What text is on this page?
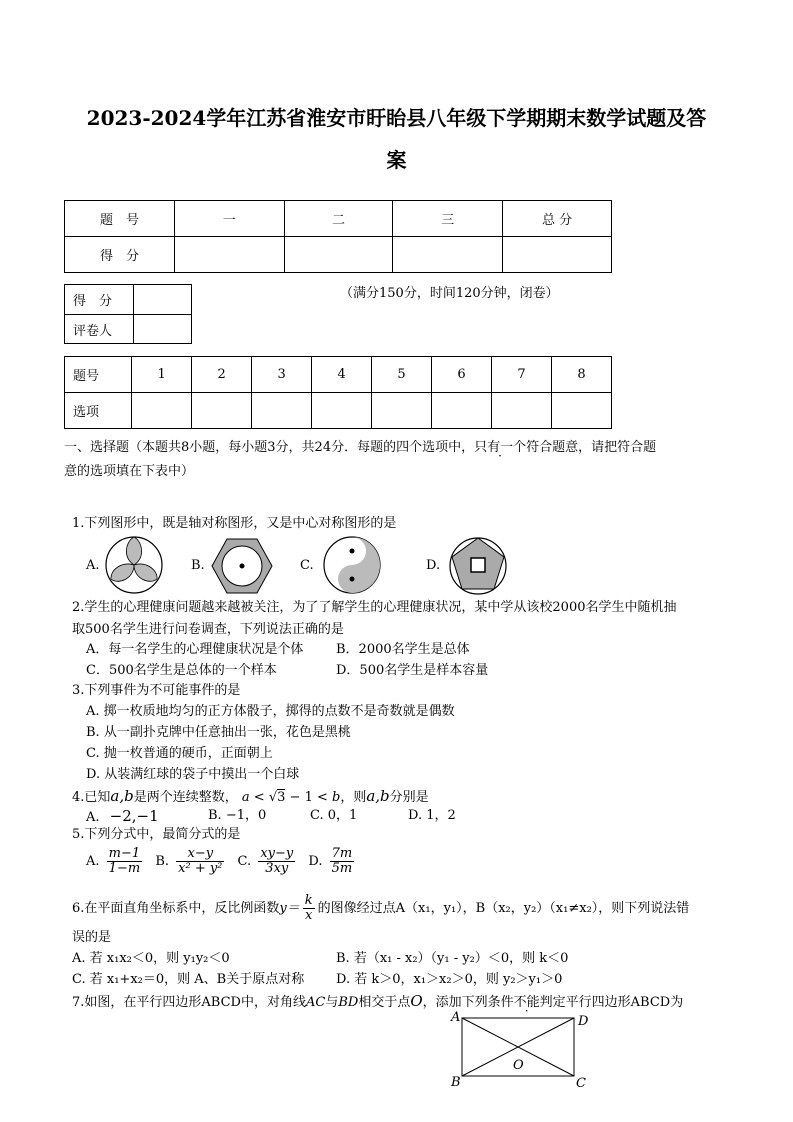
2023-2024学年江苏省淮安市盱眙县八年级下学期期末数学试题及答
案
题　号	一	二	三	总 分
得　分				
得　分	
评卷人	
（满分150分，时间120分钟，闭卷）
题号	1	2	3	4	5	6	7	8
选项								
一、选择题（本题共8小题，每小题3分，共24分．每题的四个选项中，只有一个符合题意，请把符合题
意的选项填在下表中）
1.下列图形中，既是轴对称图形，又是中心对称图形的是
A.	B.	C.	D.
2.学生的心理健康问题越来越被关注，为了了解学生的心理健康状况，某中学从该校2000名学生中随机抽
取500名学生进行问卷调查，下列说法正确的是
A．每一名学生的心理健康状况是个体	B．2000名学生是总体
C．500名学生是总体的一个样本	D．500名学生是样本容量
3.下列事件为不可能事件的是
A. 掷一枚质地均匀的正方体骰子，掷得的点数不是奇数就是偶数
B. 从一副扑克牌中任意抽出一张，花色是黑桃
C. 抛一枚普通的硬币，正面朝上
D. 从装满红球的袋子中摸出一个白球
4.已知a,b是两个连续整数， a < √3 − 1 < b，则a,b分别是
A. −2,−1	B. −1，0	C. 0，1	D. 1，2
5.下列分式中，最简分式的是
A. $\frac{m-1}{1-m} B$. $\frac{x-y}{\text{x² + y²}} C$. $\frac{xy-y}{3xy} D$. $\frac{7m}{5m}$
6.在平面直角坐标系中，反比例函数$y= \frac{k}{x}$ 的图像经过点A（x₁，y₁），B（x₂，y₂）（x₁≠x₂），则下列说法错
误的是
A. 若 x₁x₂＜0，则 y₁y₂＜0	B. 若（x₁ - x₂）（y₁ - y₂）＜0，则 k＜0
C. 若 x₁+x₂＝0，则 A、B关于原点对称 D. 若 k＞0，x₁＞x₂＞0，则 y₂＞y₁＞0
7.如图，在平行四边形ABCD中，对角线AC与BD相交于点O，添加下列条件不能判定平行四边形ABCD为
A	D
O
B	C
